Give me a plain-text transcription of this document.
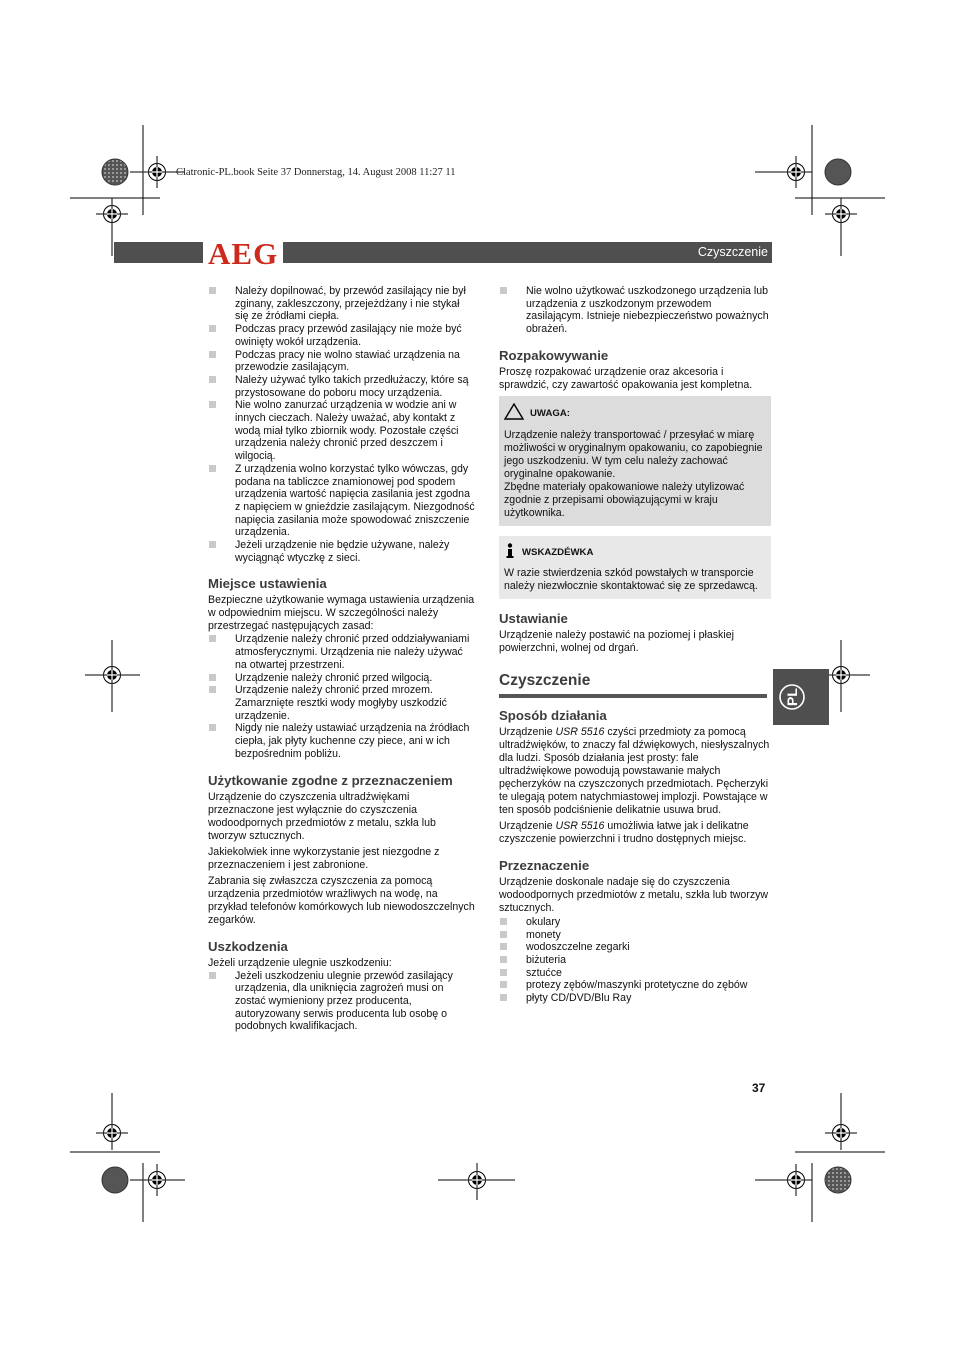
Clatronic-PL.book Seite 37 Donnerstag, 14. August 2008 11:27 11
AEG	Czyszczenie
PL
Należy dopilnować, by przewód zasilający nie był zginany, zakleszczony, przejeżdżany i nie stykał się ze źródłami ciepła.
Podczas pracy przewód zasilający nie może być owinięty wokół urządzenia.
Podczas pracy nie wolno stawiać urządzenia na przewodzie zasilającym.
Należy używać tylko takich przedłużaczy, które są przystosowane do poboru mocy urządzenia.
Nie wolno zanurzać urządzenia w wodzie ani w innych cieczach. Należy uważać, aby kontakt z wodą miał tylko zbiornik wody. Pozostałe części urządzenia należy chronić przed deszczem i wilgocią.
Z urządzenia wolno korzystać tylko wówczas, gdy podana na tabliczce znamionowej pod spodem urządzenia wartość napięcia zasilania jest zgodna z napięciem w gnieździe zasilającym. Niezgodność napięcia zasilania może spowodować zniszczenie urządzenia.
Jeżeli urządzenie nie będzie używane, należy wyciągnąć wtyczkę z sieci.
Miejsce ustawienia

Bezpieczne użytkowanie wymaga ustawienia urządzenia w odpowiednim miejscu. W szczególności należy przestrzegać następujących zasad:

Urządzenie należy chronić przed oddziaływaniami atmosferycznymi. Urządzenia nie należy używać na otwartej przestrzeni.
Urządzenie należy chronić przed wilgocią.
Urządzenie należy chronić przed mrozem. Zamarznięte resztki wody mogłyby uszkodzić urządzenie.
Nigdy nie należy ustawiać urządzenia na źródłach ciepła, jak płyty kuchenne czy piece, ani w ich bezpośrednim pobliżu.
Użytkowanie zgodne z przeznaczeniem

Urządzenie do czyszczenia ultradźwiękami przeznaczone jest wyłącznie do czyszczenia wodoodpornych przedmiotów z metalu, szkła lub tworzyw sztucznych.

Jakiekolwiek inne wykorzystanie jest niezgodne z przeznaczeniem i jest zabronione.

Zabrania się zwłaszcza czyszczenia za pomocą urządzenia przedmiotów wrażliwych na wodę, na przykład telefonów komórkowych lub niewodoszczelnych zegarków.

Uszkodzenia

Jeżeli urządzenie ulegnie uszkodzeniu:

Jeżeli uszkodzeniu ulegnie przewód zasilający urządzenia, dla uniknięcia zagrożeń musi on zostać wymieniony przez producenta, autoryzowany serwis producenta lub osobę o podobnych kwalifikacjach.
Nie wolno użytkować uszkodzonego urządzenia lub urządzenia z uszkodzonym przewodem zasilającym. Istnieje niebezpieczeństwo poważnych obrażeń.
Rozpakowywanie

Proszę rozpakować urządzenie oraz akcesoria i sprawdzić, czy zawartość opakowania jest kompletna.

UWAGA:

Urządzenie należy transportować / przesyłać w miarę możliwości w oryginalnym opakowaniu, co zapobiegnie jego uszkodzeniu. W tym celu należy zachować oryginalne opakowanie.

Zbędne materiały opakowaniowe należy utylizować zgodnie z przepisami obowiązującymi w kraju użytkownika.

WSKAZDÉWKA

W razie stwierdzenia szkód powstałych w transporcie należy niezwłocznie skontaktować się ze sprzedawcą.

Ustawianie

Urządzenie należy postawić na poziomej i płaskiej powierzchni, wolnej od drgań.

Czyszczenie
Sposób działania

Urządzenie USR 5516 czyści przedmioty za pomocą ultradźwięków, to znaczy fal dźwiękowych, niesłyszalnych dla ludzi. Sposób działania jest prosty: fale ultradźwiękowe powodują powstawanie małych pęcherzyków na czyszczonych przedmiotach. Pęcherzyki te ulegają potem natychmiastowej implozji. Powstające w ten sposób podciśnienie delikatnie usuwa brud.

Urządzenie USR 5516 umożliwia łatwe jak i delikatne czyszczenie powierzchni i trudno dostępnych miejsc.

Przeznaczenie

Urządzenie doskonale nadaje się do czyszczenia wodoodpornych przedmiotów z metalu, szkła lub tworzyw sztucznych.

okulary
monety
wodoszczelne zegarki
biżuteria
sztućce
protezy zębów/maszynki protetyczne do zębów
płyty CD/DVD/Blu Ray
37
